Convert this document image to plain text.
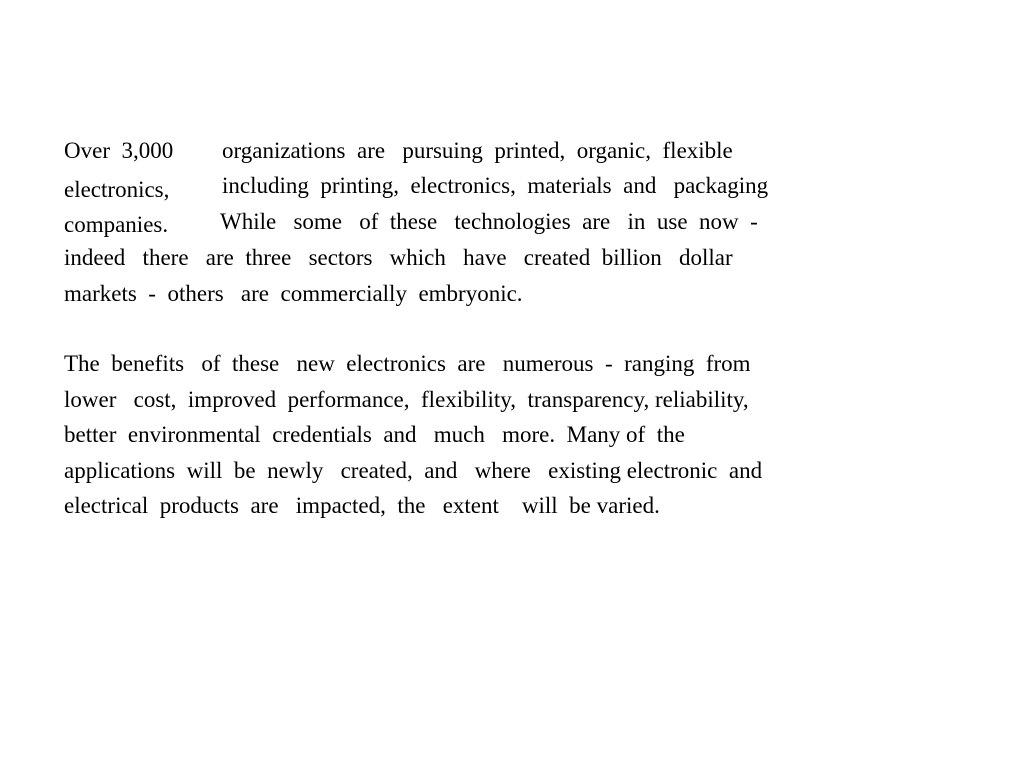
Over  3,000 organizations  are   pursuing  printed,  organic,  flexible
electronics, including  printing,  electronics,  materials  and   packaging
companies. While   some   of  these   technologies  are   in  use  now  -
indeed   there   are  three   sectors   which   have   created  billion   dollar
markets  -  others   are  commercially  embryonic.
The  benefits   of  these   new  electronics  are   numerous  -  ranging  from
lower   cost,  improved  performance,  flexibility,  transparency, reliability,
better  environmental  credentials  and   much   more.  Many of  the
applications  will  be  newly   created,  and   where   existing electronic  and
electrical  products  are   impacted,  the   extent    will  be varied.
